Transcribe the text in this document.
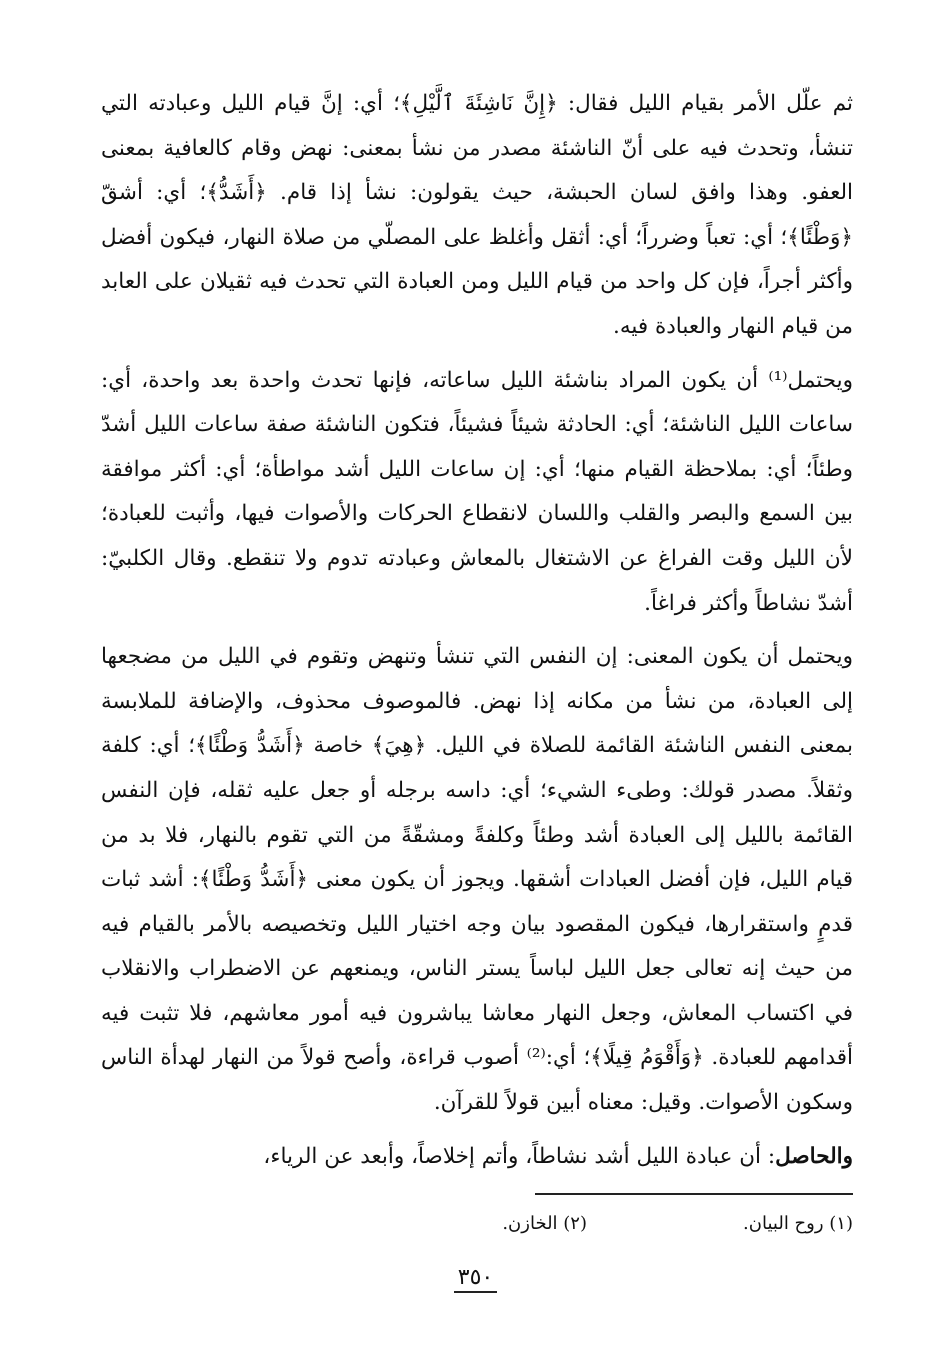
ثم علّل الأمر بقيام الليل فقال: ﴿إِنَّ نَاشِئَةَ ٱلَّيْلِ﴾؛ أي: إنَّ قيام الليل وعبادته التي تنشأ، وتحدث فيه على أنّ الناشئة مصدر من نشأ بمعنى: نهض وقام كالعافية بمعنى العفو. وهذا وافق لسان الحبشة، حيث يقولون: نشأ إذا قام. ﴿أَشَدُّ﴾؛ أي: أشقّ ﴿وَطْئًا﴾؛ أي: تعباً وضرراً؛ أي: أثقل وأغلظ على المصلّي من صلاة النهار، فيكون أفضل وأكثر أجراً، فإن كل واحد من قيام الليل ومن العبادة التي تحدث فيه ثقيلان على العابد من قيام النهار والعبادة فيه.

ويحتمل⁽¹⁾ أن يكون المراد بناشئة الليل ساعاته، فإنها تحدث واحدة بعد واحدة، أي: ساعات الليل الناشئة؛ أي: الحادثة شيئاً فشيئاً، فتكون الناشئة صفة ساعات الليل أشدّ وطئاً؛ أي: بملاحظة القيام منها؛ أي: إن ساعات الليل أشد مواطأة؛ أي: أكثر موافقة بين السمع والبصر والقلب واللسان لانقطاع الحركات والأصوات فيها، وأثبت للعبادة؛ لأن الليل وقت الفراغ عن الاشتغال بالمعاش وعبادته تدوم ولا تنقطع. وقال الكلبيّ: أشدّ نشاطاً وأكثر فراغاً.

ويحتمل أن يكون المعنى: إن النفس التي تنشأ وتنهض وتقوم في الليل من مضجعها إلى العبادة، من نشأ من مكانه إذا نهض. فالموصوف محذوف، والإضافة للملابسة بمعنى النفس الناشئة القائمة للصلاة في الليل. ﴿هِيَ﴾ خاصة ﴿أَشَدُّ وَطْئًا﴾؛ أي: كلفة وثقلاً. مصدر قولك: وطىء الشيء؛ أي: داسه برجله أو جعل عليه ثقله، فإن النفس القائمة بالليل إلى العبادة أشد وطئاً وكلفةً ومشقّةً من التي تقوم بالنهار، فلا بد من قيام الليل، فإن أفضل العبادات أشقها. ويجوز أن يكون معنى ﴿أَشَدُّ وَطْئًا﴾: أشد ثبات قدمٍ واستقرارها، فيكون المقصود بيان وجه اختيار الليل وتخصيصه بالأمر بالقيام فيه من حيث إنه تعالى جعل الليل لباساً يستر الناس، ويمنعهم عن الاضطراب والانقلاب في اكتساب المعاش، وجعل النهار معاشا يباشرون فيه أمور معاشهم، فلا تثبت فيه أقدامهم للعبادة. ﴿وَأَقْوَمُ قِيلًا﴾؛ أي:⁽²⁾ أصوب قراءة، وأصح قولاً من النهار لهدأة الناس وسكون الأصوات. وقيل: معناه أبين قولاً للقرآن.

والحاصل: أن عبادة الليل أشد نشاطاً، وأتم إخلاصاً، وأبعد عن الرياء،

(١) روح البيان.
(٢) الخازن.
٣٥٠
